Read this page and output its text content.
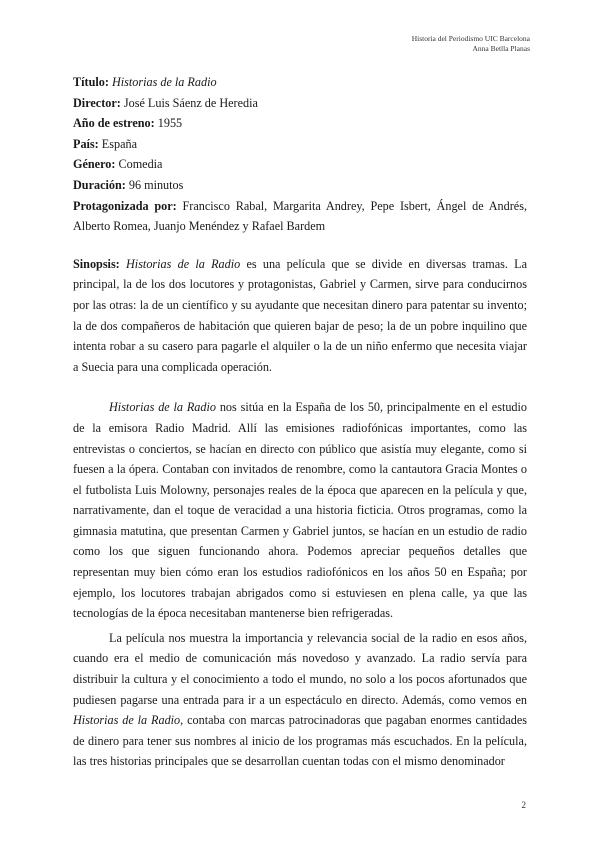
Historia del Periodismo UIC Barcelona
Anna Betlla Planas

Título: Historias de la Radio

Director: José Luis Sáenz de Heredia

Año de estreno: 1955

País: España

Género: Comedia

Duración: 96 minutos

Protagonizada por: Francisco Rabal, Margarita Andrey, Pepe Isbert, Ángel de Andrés, Alberto Romea, Juanjo Menéndez y Rafael Bardem

Sinopsis: Historias de la Radio es una película que se divide en diversas tramas. La principal, la de los dos locutores y protagonistas, Gabriel y Carmen, sirve para conducirnos por las otras: la de un científico y su ayudante que necesitan dinero para patentar su invento; la de dos compañeros de habitación que quieren bajar de peso; la de un pobre inquilino que intenta robar a su casero para pagarle el alquiler o la de un niño enfermo que necesita viajar a Suecia para una complicada operación.

Historias de la Radio nos sitúa en la España de los 50, principalmente en el estudio de la emisora Radio Madrid. Allí las emisiones radiofónicas importantes, como las entrevistas o conciertos, se hacían en directo con público que asistía muy elegante, como si fuesen a la ópera. Contaban con invitados de renombre, como la cantautora Gracia Montes o el futbolista Luis Molowny, personajes reales de la época que aparecen en la película y que, narrativamente, dan el toque de veracidad a una historia ficticia. Otros programas, como la gimnasia matutina, que presentan Carmen y Gabriel juntos, se hacían en un estudio de radio como los que siguen funcionando ahora. Podemos apreciar pequeños detalles que representan muy bien cómo eran los estudios radiofónicos en los años 50 en España; por ejemplo, los locutores trabajan abrigados como si estuviesen en plena calle, ya que las tecnologías de la época necesitaban mantenerse bien refrigeradas.

La película nos muestra la importancia y relevancia social de la radio en esos años, cuando era el medio de comunicación más novedoso y avanzado. La radio servía para distribuir la cultura y el conocimiento a todo el mundo, no solo a los pocos afortunados que pudiesen pagarse una entrada para ir a un espectáculo en directo. Además, como vemos en Historias de la Radio, contaba con marcas patrocinadoras que pagaban enormes cantidades de dinero para tener sus nombres al inicio de los programas más escuchados. En la película, las tres historias principales que se desarrollan cuentan todas con el mismo denominador

2
